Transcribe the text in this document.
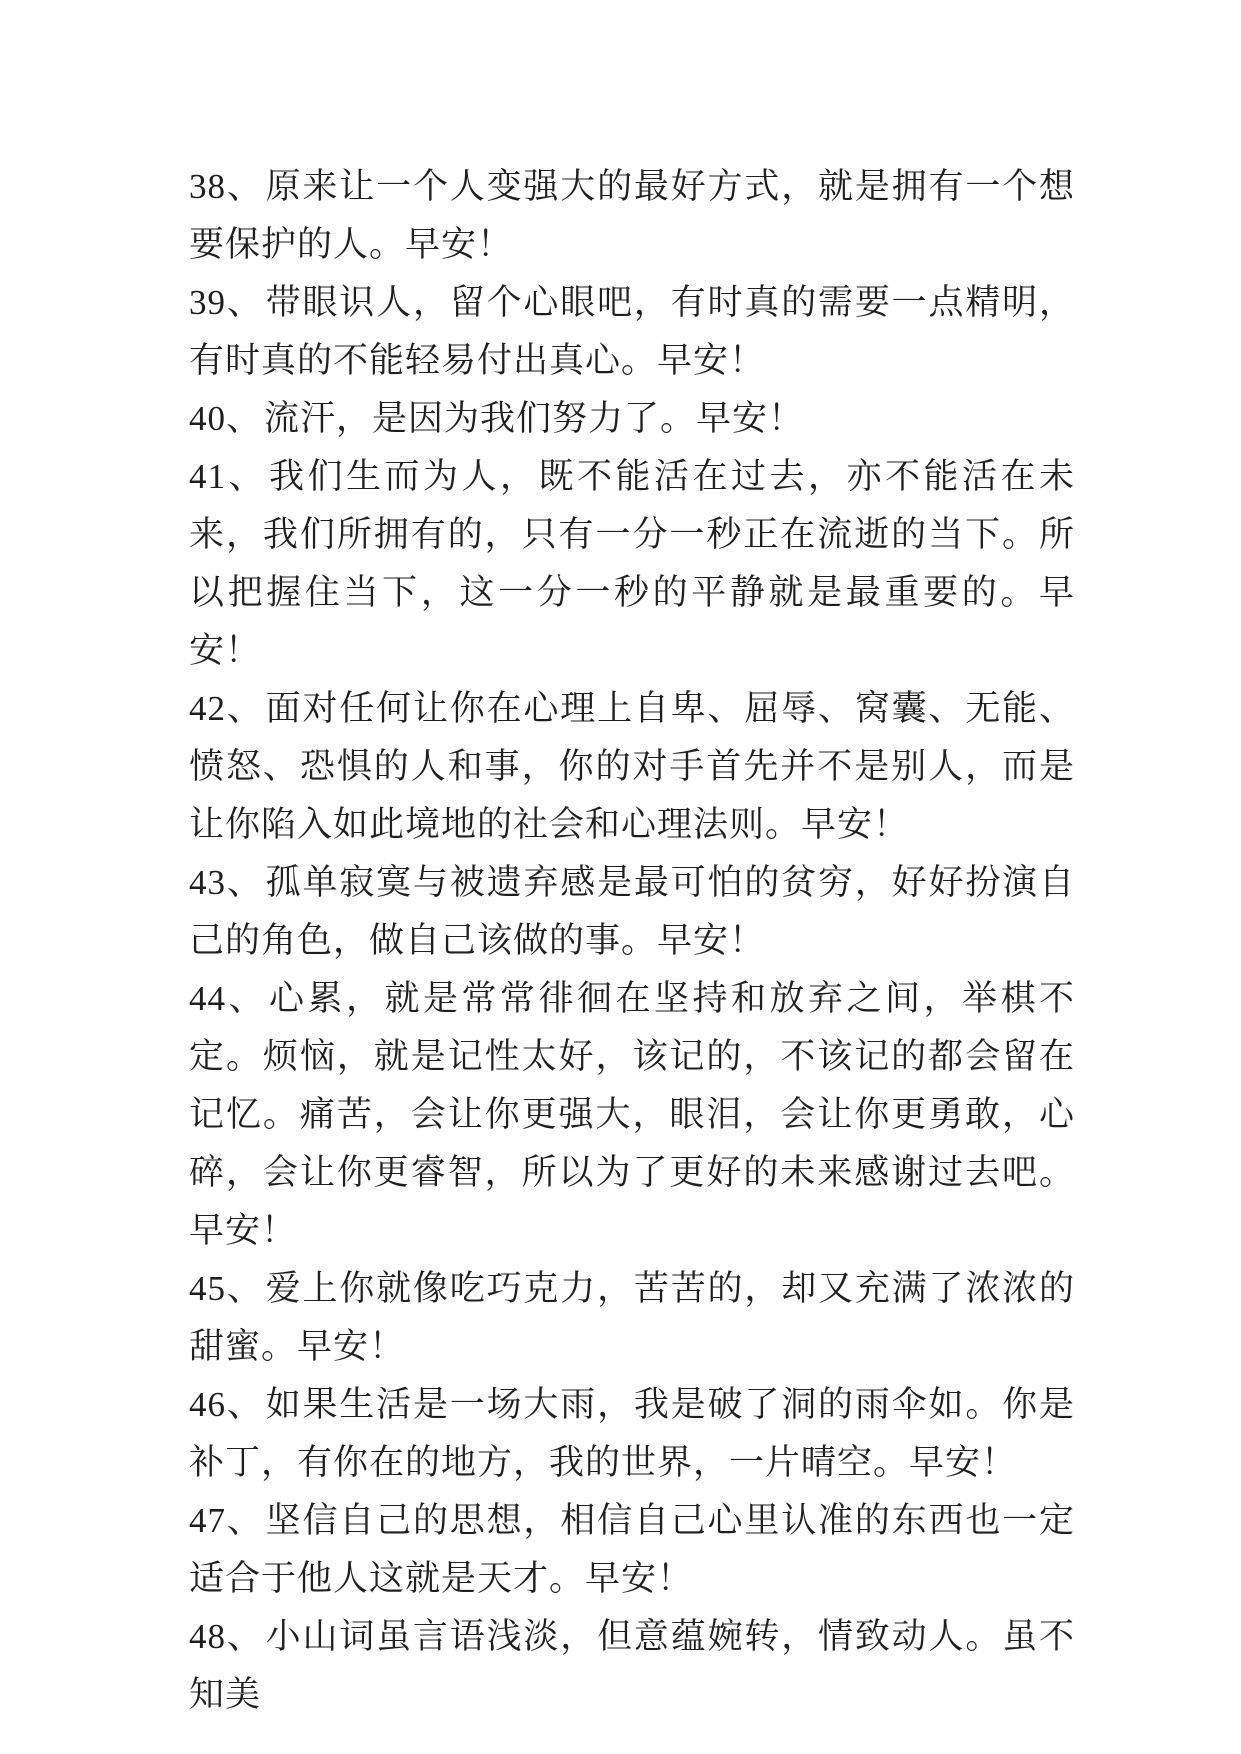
38、原来让一个人变强大的最好方式，就是拥有一个想要保护的人。早安！

39、带眼识人，留个心眼吧，有时真的需要一点精明，有时真的不能轻易付出真心。早安！

40、流汗，是因为我们努力了。早安！

41、我们生而为人，既不能活在过去，亦不能活在未来，我们所拥有的，只有一分一秒正在流逝的当下。所以把握住当下，这一分一秒的平静就是最重要的。早安！

42、面对任何让你在心理上自卑、屈辱、窝囊、无能、愤怒、恐惧的人和事，你的对手首先并不是别人，而是让你陷入如此境地的社会和心理法则。早安！

43、孤单寂寞与被遗弃感是最可怕的贫穷，好好扮演自己的角色，做自己该做的事。早安！

44、心累，就是常常徘徊在坚持和放弃之间，举棋不定。烦恼，就是记性太好，该记的，不该记的都会留在记忆。痛苦，会让你更强大，眼泪，会让你更勇敢，心碎，会让你更睿智，所以为了更好的未来感谢过去吧。早安！

45、爱上你就像吃巧克力，苦苦的，却又充满了浓浓的甜蜜。早安！

46、如果生活是一场大雨，我是破了洞的雨伞如。你是补丁，有你在的地方，我的世界，一片晴空。早安！

47、坚信自己的思想，相信自己心里认准的东西也一定适合于他人这就是天才。早安！

48、小山词虽言语浅淡，但意蕴婉转，情致动人。虽不知美
